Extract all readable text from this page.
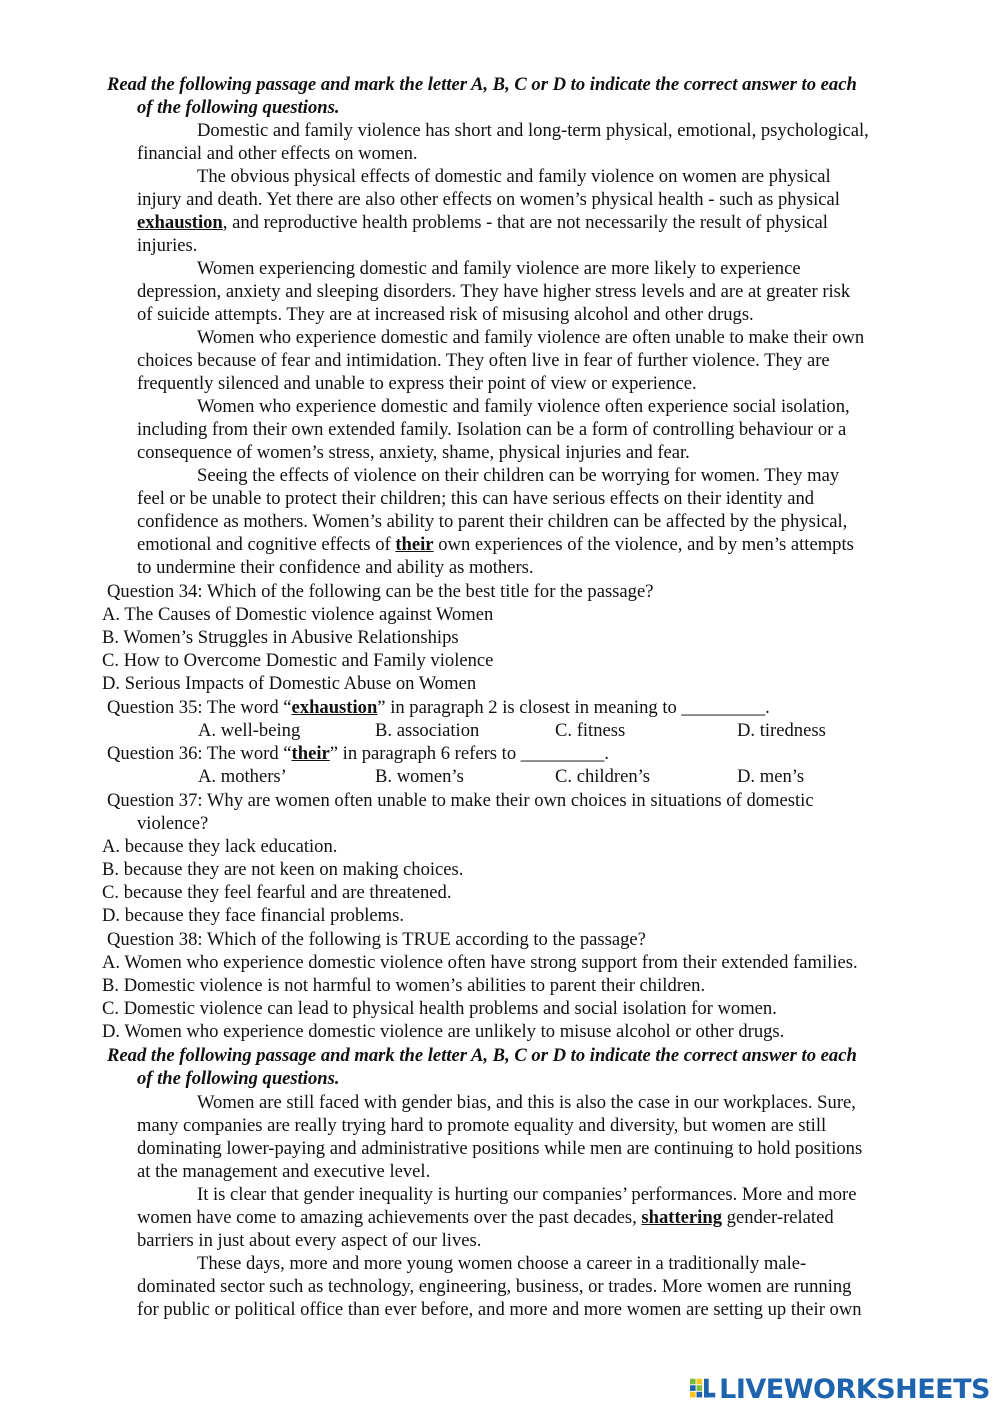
Read the following passage and mark the letter A, B, C or D to indicate the correct answer to each
of the following questions.
Domestic and family violence has short and long-term physical, emotional, psychological,
financial and other effects on women.
The obvious physical effects of domestic and family violence on women are physical
injury and death. Yet there are also other effects on women’s physical health - such as physical
exhaustion, and reproductive health problems - that are not necessarily the result of physical
injuries.
Women experiencing domestic and family violence are more likely to experience
depression, anxiety and sleeping disorders. They have higher stress levels and are at greater risk
of suicide attempts. They are at increased risk of misusing alcohol and other drugs.
Women who experience domestic and family violence are often unable to make their own
choices because of fear and intimidation. They often live in fear of further violence. They are
frequently silenced and unable to express their point of view or experience.
Women who experience domestic and family violence often experience social isolation,
including from their own extended family. Isolation can be a form of controlling behaviour or a
consequence of women’s stress, anxiety, shame, physical injuries and fear.
Seeing the effects of violence on their children can be worrying for women. They may
feel or be unable to protect their children; this can have serious effects on their identity and
confidence as mothers. Women’s ability to parent their children can be affected by the physical,
emotional and cognitive effects of their own experiences of the violence, and by men’s attempts
to undermine their confidence and ability as mothers.
Question 34: Which of the following can be the best title for the passage?
A. The Causes of Domestic violence against Women
B. Women’s Struggles in Abusive Relationships
C. How to Overcome Domestic and Family violence
D. Serious Impacts of Domestic Abuse on Women
Question 35: The word “exhaustion” in paragraph 2 is closest in meaning to _________.
A. well-being	B. association	C. fitness	D. tiredness
Question 36: The word “their” in paragraph 6 refers to _________.
A. mothers’	B. women’s	C. children’s	D. men’s
Question 37: Why are women often unable to make their own choices in situations of domestic
violence?
A. because they lack education.
B. because they are not keen on making choices.
C. because they feel fearful and are threatened.
D. because they face financial problems.
Question 38: Which of the following is TRUE according to the passage?
A. Women who experience domestic violence often have strong support from their extended families.
B. Domestic violence is not harmful to women’s abilities to parent their children.
C. Domestic violence can lead to physical health problems and social isolation for women.
D. Women who experience domestic violence are unlikely to misuse alcohol or other drugs.
Read the following passage and mark the letter A, B, C or D to indicate the correct answer to each
of the following questions.
Women are still faced with gender bias, and this is also the case in our workplaces. Sure,
many companies are really trying hard to promote equality and diversity, but women are still
dominating lower-paying and administrative positions while men are continuing to hold positions
at the management and executive level.
It is clear that gender inequality is hurting our companies’ performances. More and more
women have come to amazing achievements over the past decades, shattering gender-related
barriers in just about every aspect of our lives.
These days, more and more young women choose a career in a traditionally male-
dominated sector such as technology, engineering, business, or trades. More women are running
for public or political office than ever before, and more and more women are setting up their own
LIVEWORKSHEETS
